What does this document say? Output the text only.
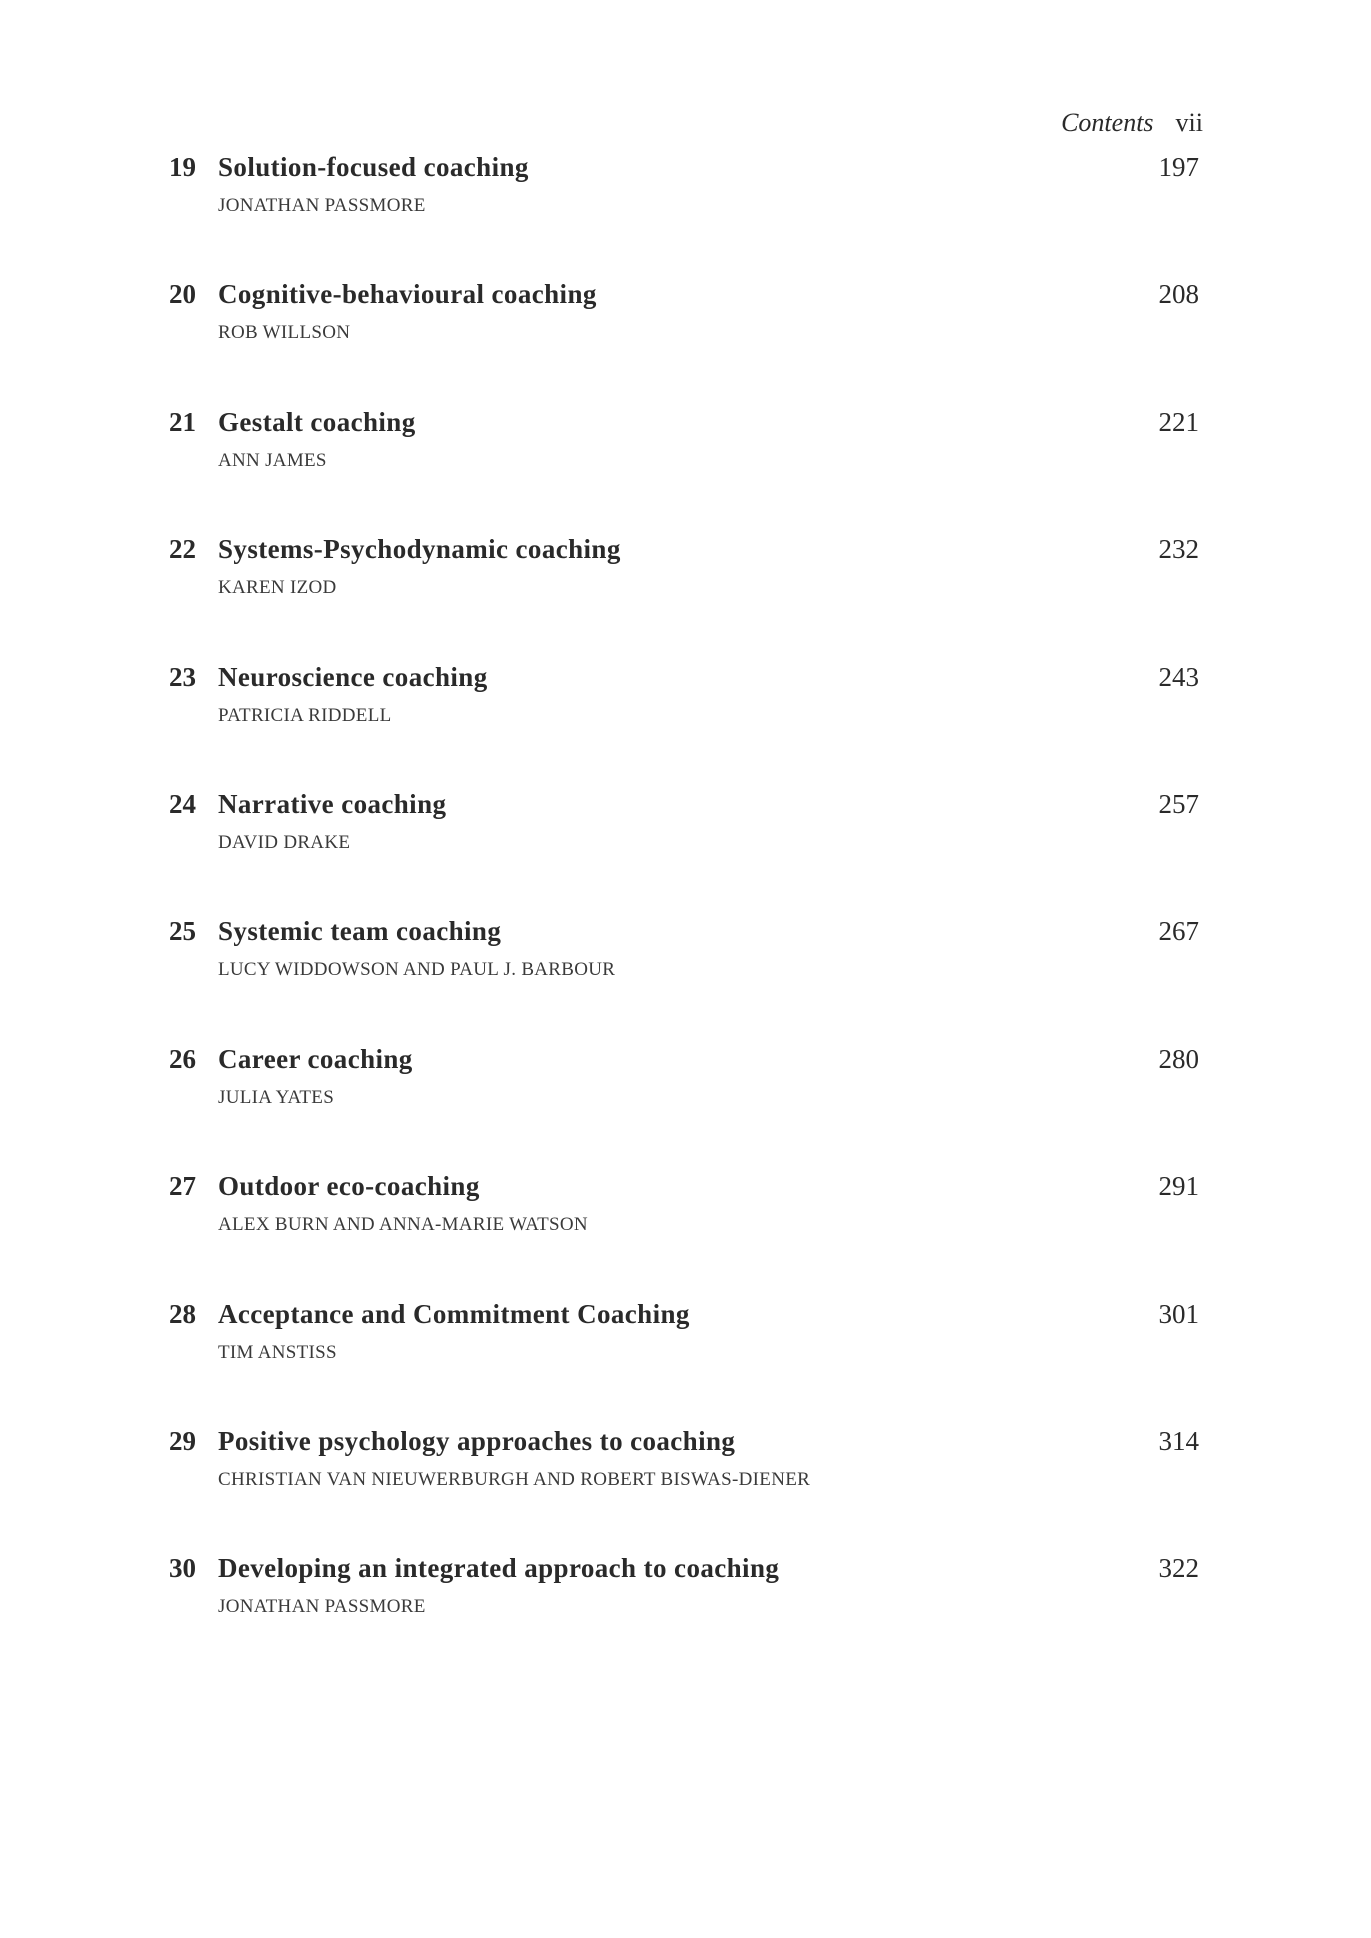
Contents vii
19 Solution-focused coaching
JONATHAN PASSMORE
197
20 Cognitive-behavioural coaching
ROB WILLSON
208
21 Gestalt coaching
ANN JAMES
221
22 Systems-Psychodynamic coaching
KAREN IZOD
232
23 Neuroscience coaching
PATRICIA RIDDELL
243
24 Narrative coaching
DAVID DRAKE
257
25 Systemic team coaching
LUCY WIDDOWSON AND PAUL J. BARBOUR
267
26 Career coaching
JULIA YATES
280
27 Outdoor eco-coaching
ALEX BURN AND ANNA-MARIE WATSON
291
28 Acceptance and Commitment Coaching
TIM ANSTISS
301
29 Positive psychology approaches to coaching
CHRISTIAN VAN NIEUWERBURGH AND ROBERT BISWAS-DIENER
314
30 Developing an integrated approach to coaching
JONATHAN PASSMORE
322
